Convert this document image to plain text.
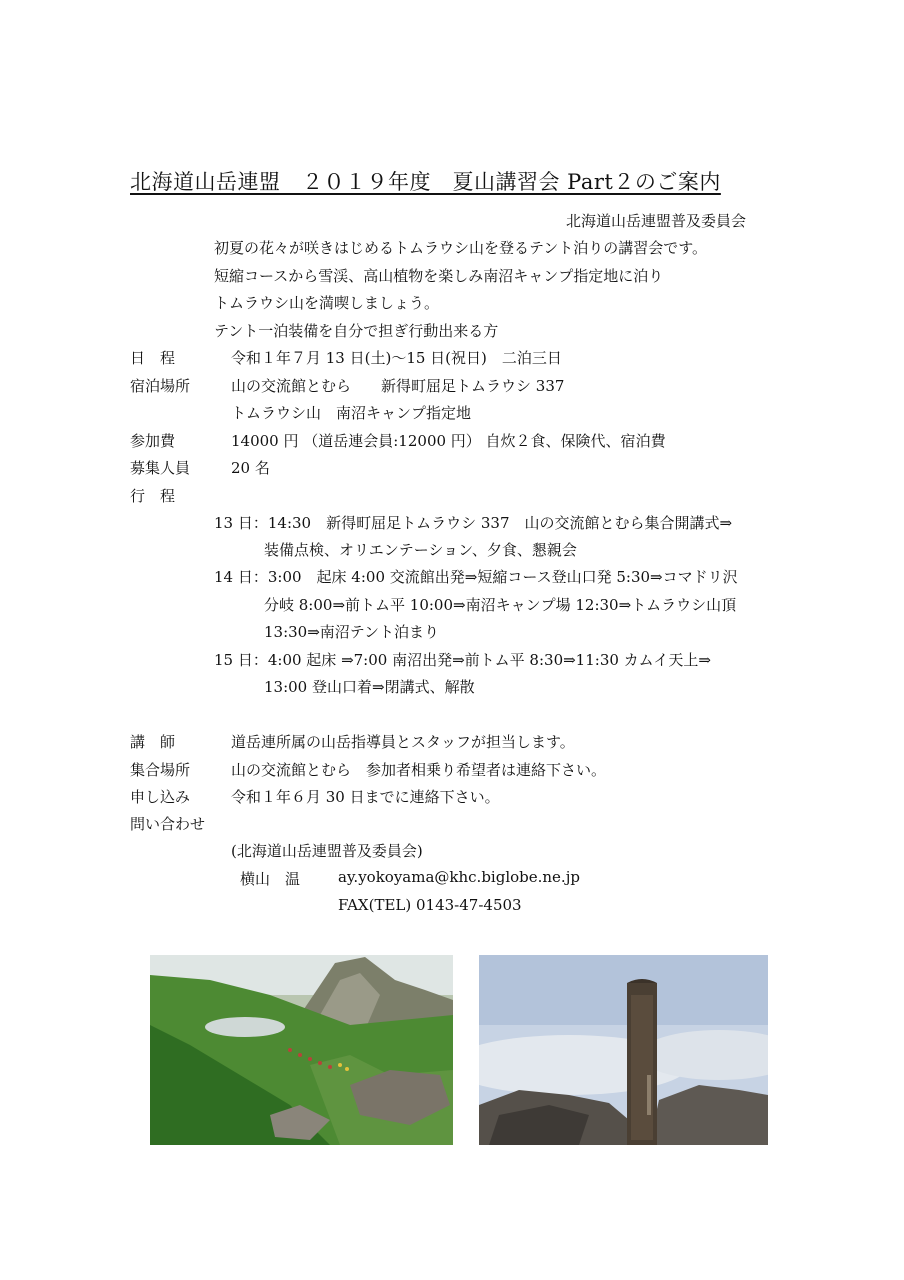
北海道山岳連盟　２０１９年度　夏山講習会 Part２のご案内
北海道山岳連盟普及委員会
初夏の花々が咲きはじめるトムラウシ山を登るテント泊りの講習会です。
短縮コースから雪渓、高山植物を楽しみ南沼キャンプ指定地に泊り
トムラウシ山を満喫しましょう。
テント一泊装備を自分で担ぎ行動出来る方
日　程	令和１年７月 13 日(土)～15 日(祝日)　二泊三日
宿泊場所	山の交流館とむら　　新得町屈足トムラウシ 337
トムラウシ山　南沼キャンプ指定地
参加費	14000 円 （道岳連会員:12000 円） 自炊２食、保険代、宿泊費
募集人員	20 名
行　程
13 日：14:30　新得町屈足トムラウシ 337　山の交流館とむら集合開講式⇒
装備点検、オリエンテーション、夕食、懇親会
14 日：3:00　起床 4:00 交流館出発⇒短縮コース登山口発 5:30⇒コマドリ沢
分岐 8:00⇒前トム平 10:00⇒南沼キャンプ場 12:30⇒トムラウシ山頂
13:30⇒南沼テント泊まり
15 日：4:00 起床 ⇒7:00 南沼出発⇒前トム平 8:30⇒11:30 カムイ天上⇒
13:00 登山口着⇒閉講式、解散
講　師	道岳連所属の山岳指導員とスタッフが担当します。
集合場所	山の交流館とむら　参加者相乗り希望者は連絡下さい。
申し込み	令和１年６月 30 日までに連絡下さい。
問い合わせ
(北海道山岳連盟普及委員会)
横山　温	ay.yokoyama@khc.biglobe.ne.jp
FAX(TEL) 0143-47-4503
